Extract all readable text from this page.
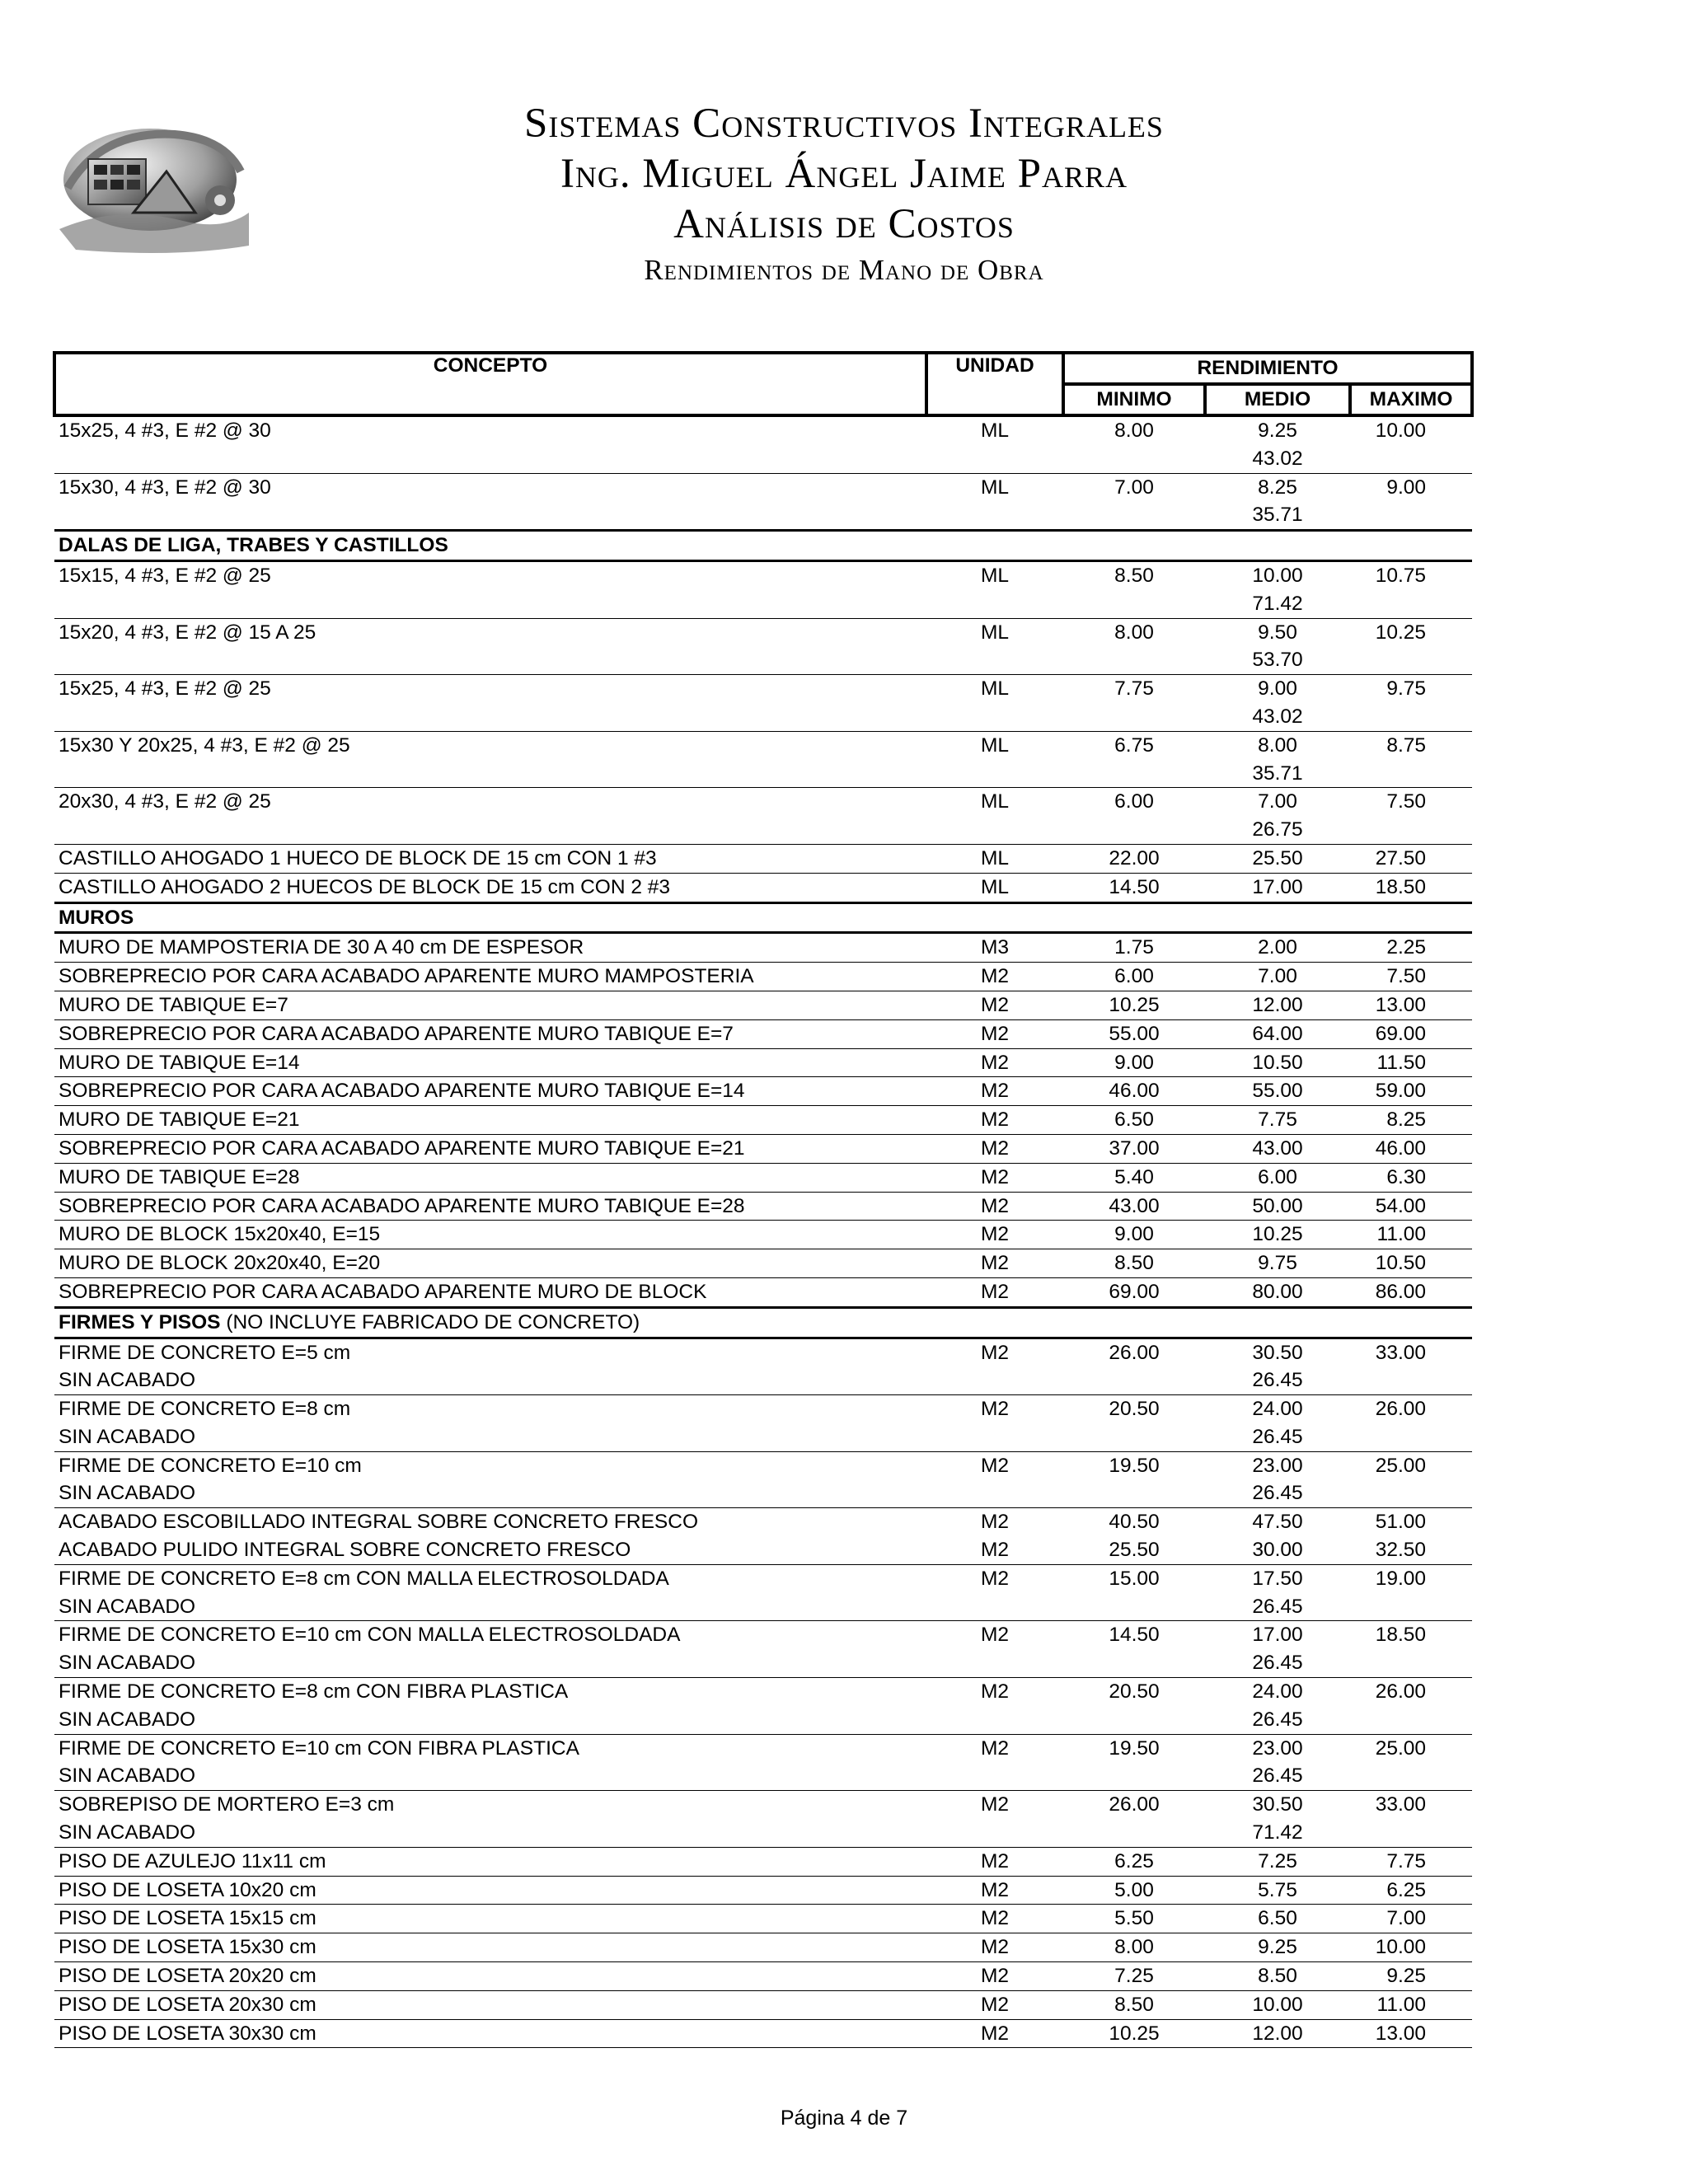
Sistemas Constructivos Integrales
Ing. Miguel Ángel Jaime Parra
Análisis de Costos
Rendimientos de Mano de Obra
CONCEPTO	UNIDAD	RENDIMIENTO		
		MINIMO	MEDIO	MAXIMO
15x25, 4 #3, E #2 @ 30	ML	8.00	9.25	10.00
			43.02	
15x30, 4 #3, E #2 @ 30	ML	7.00	8.25	9.00
			35.71	
DALAS DE LIGA, TRABES Y CASTILLOS				
15x15, 4 #3, E #2 @ 25	ML	8.50	10.00	10.75
			71.42	
15x20, 4 #3, E #2 @ 15 A 25	ML	8.00	9.50	10.25
			53.70	
15x25, 4 #3, E #2 @ 25	ML	7.75	9.00	9.75
			43.02	
15x30 Y 20x25, 4 #3, E #2 @ 25	ML	6.75	8.00	8.75
			35.71	
20x30, 4 #3, E #2 @ 25	ML	6.00	7.00	7.50
			26.75	
CASTILLO AHOGADO 1 HUECO DE BLOCK DE 15 cm CON 1 #3	ML	22.00	25.50	27.50
CASTILLO AHOGADO 2 HUECOS DE BLOCK DE 15 cm CON 2 #3	ML	14.50	17.00	18.50
MUROS				
MURO DE MAMPOSTERIA DE 30 A 40 cm DE ESPESOR	M3	1.75	2.00	2.25
SOBREPRECIO POR CARA ACABADO APARENTE MURO MAMPOSTERIA	M2	6.00	7.00	7.50
MURO DE TABIQUE E=7	M2	10.25	12.00	13.00
SOBREPRECIO POR CARA ACABADO APARENTE MURO TABIQUE E=7	M2	55.00	64.00	69.00
MURO DE TABIQUE E=14	M2	9.00	10.50	11.50
SOBREPRECIO POR CARA ACABADO APARENTE MURO TABIQUE E=14	M2	46.00	55.00	59.00
MURO DE TABIQUE E=21	M2	6.50	7.75	8.25
SOBREPRECIO POR CARA ACABADO APARENTE MURO TABIQUE E=21	M2	37.00	43.00	46.00
MURO DE TABIQUE E=28	M2	5.40	6.00	6.30
SOBREPRECIO POR CARA ACABADO APARENTE MURO TABIQUE E=28	M2	43.00	50.00	54.00
MURO DE BLOCK 15x20x40, E=15	M2	9.00	10.25	11.00
MURO DE BLOCK 20x20x40, E=20	M2	8.50	9.75	10.50
SOBREPRECIO POR CARA ACABADO APARENTE MURO DE BLOCK	M2	69.00	80.00	86.00
FIRMES Y PISOS (NO INCLUYE FABRICADO DE CONCRETO)				
FIRME DE CONCRETO E=5 cm	M2	26.00	30.50	33.00
SIN ACABADO			26.45	
FIRME DE CONCRETO E=8 cm	M2	20.50	24.00	26.00
SIN ACABADO			26.45	
FIRME DE CONCRETO E=10 cm	M2	19.50	23.00	25.00
SIN ACABADO			26.45	
ACABADO ESCOBILLADO INTEGRAL SOBRE CONCRETO FRESCO	M2	40.50	47.50	51.00
ACABADO PULIDO INTEGRAL SOBRE CONCRETO FRESCO	M2	25.50	30.00	32.50
FIRME DE CONCRETO E=8 cm CON MALLA ELECTROSOLDADA	M2	15.00	17.50	19.00
SIN ACABADO			26.45	
FIRME DE CONCRETO E=10 cm CON MALLA ELECTROSOLDADA	M2	14.50	17.00	18.50
SIN ACABADO			26.45	
FIRME DE CONCRETO E=8 cm CON FIBRA PLASTICA	M2	20.50	24.00	26.00
SIN ACABADO			26.45	
FIRME DE CONCRETO E=10 cm CON FIBRA PLASTICA	M2	19.50	23.00	25.00
SIN ACABADO			26.45	
SOBREPISO DE MORTERO E=3 cm	M2	26.00	30.50	33.00
SIN ACABADO			71.42	
PISO DE AZULEJO 11x11 cm	M2	6.25	7.25	7.75
PISO DE LOSETA 10x20 cm	M2	5.00	5.75	6.25
PISO DE LOSETA 15x15 cm	M2	5.50	6.50	7.00
PISO DE LOSETA 15x30 cm	M2	8.00	9.25	10.00
PISO DE LOSETA 20x20 cm	M2	7.25	8.50	9.25
PISO DE LOSETA 20x30 cm	M2	8.50	10.00	11.00
PISO DE LOSETA 30x30 cm	M2	10.25	12.00	13.00
Página 4 de 7
